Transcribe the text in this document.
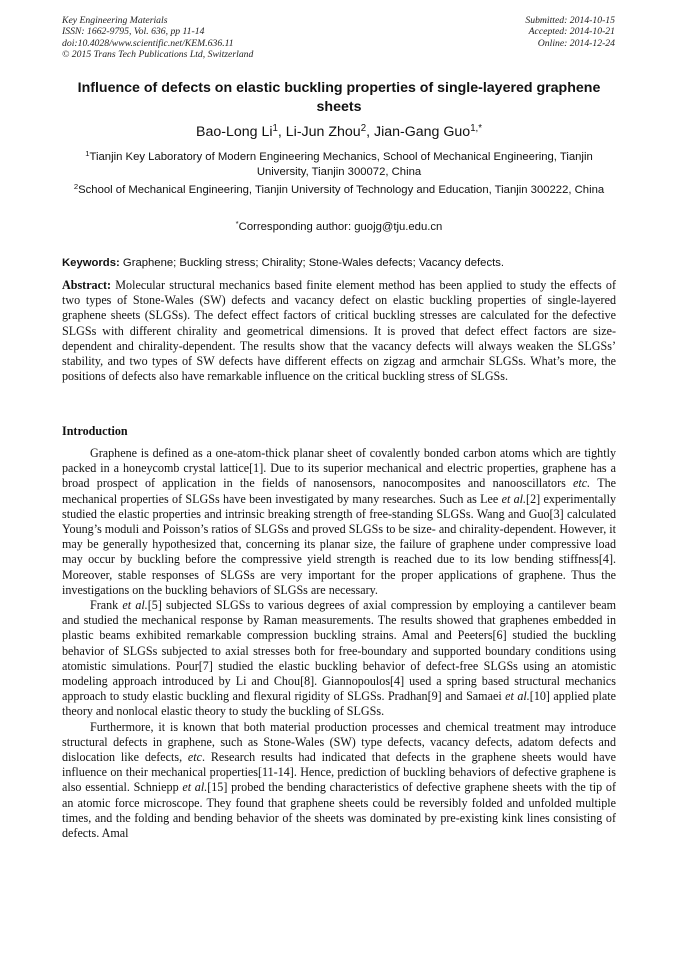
Key Engineering Materials
ISSN: 1662-9795, Vol. 636, pp 11-14
doi:10.4028/www.scientific.net/KEM.636.11
© 2015 Trans Tech Publications Ltd, Switzerland
Submitted: 2014-10-15
Accepted: 2014-10-21
Online: 2014-12-24
Influence of defects on elastic buckling properties of single-layered graphene sheets
Bao-Long Li$^1$, Li-Jun Zhou$^2$, Jian-Gang Guo$^{1,*}$
$^1$Tianjin Key Laboratory of Modern Engineering Mechanics, School of Mechanical Engineering, Tianjin University, Tianjin 300072, China
$^2$School of Mechanical Engineering, Tianjin University of Technology and Education, Tianjin 300222, China
*Corresponding author: guojg@tju.edu.cn
Keywords: Graphene; Buckling stress; Chirality; Stone-Wales defects; Vacancy defects.

Abstract: Molecular structural mechanics based finite element method has been applied to study the effects of two types of Stone-Wales (SW) defects and vacancy defect on elastic buckling properties of single-layered graphene sheets (SLGSs). The defect effect factors of critical buckling stresses are calculated for the defective SLGSs with different chirality and geometrical dimensions. It is proved that defect effect factors are size-dependent and chirality-dependent. The results show that the vacancy defects will always weaken the SLGSs’ stability, and two types of SW defects have different effects on zigzag and armchair SLGSs. What’s more, the positions of defects also have remarkable influence on the critical buckling stress of SLGSs.

Introduction

Graphene is defined as a one-atom-thick planar sheet of covalently bonded carbon atoms which are tightly packed in a honeycomb crystal lattice[1]. Due to its superior mechanical and electric properties, graphene has a broad prospect of application in the fields of nanosensors, nanocomposites and nanooscillators etc. The mechanical properties of SLGSs have been investigated by many researches. Such as Lee et al.[2] experimentally studied the elastic properties and intrinsic breaking strength of free-standing SLGSs. Wang and Guo[3] calculated Young’s moduli and Poisson’s ratios of SLGSs and proved SLGSs to be size- and chirality-dependent. However, it may be generally hypothesized that, concerning its planar size, the failure of graphene under compressive load may occur by buckling before the compressive yield strength is reached due to its low bending stiffness[4]. Moreover, stable responses of SLGSs are very important for the proper applications of graphene. Thus the investigations on the buckling behaviors of SLGSs are necessary.

Frank et al.[5] subjected SLGSs to various degrees of axial compression by employing a cantilever beam and studied the mechanical response by Raman measurements. The results showed that graphenes embedded in plastic beams exhibited remarkable compression buckling strains. Amal and Peeters[6] studied the buckling behavior of SLGSs subjected to axial stresses both for free-boundary and supported boundary conditions using atomistic simulations. Pour[7] studied the elastic buckling behavior of defect-free SLGSs using an atomistic modeling approach introduced by Li and Chou[8]. Giannopoulos[4] used a spring based structural mechanics approach to study elastic buckling and flexural rigidity of SLGSs. Pradhan[9] and Samaei et al.[10] applied plate theory and nonlocal elastic theory to study the buckling of SLGSs.

Furthermore, it is known that both material production processes and chemical treatment may introduce structural defects in graphene, such as Stone-Wales (SW) type defects, vacancy defects, adatom defects and dislocation like defects, etc. Research results had indicated that defects in the graphene sheets would have influence on their mechanical properties[11-14]. Hence, prediction of buckling behaviors of defective graphene is also essential. Schniepp et al.[15] probed the bending characteristics of defective graphene sheets with the tip of an atomic force microscope. They found that graphene sheets could be reversibly folded and unfolded multiple times, and the folding and bending behavior of the sheets was dominated by pre-existing kink lines consisting of defects. Amal
